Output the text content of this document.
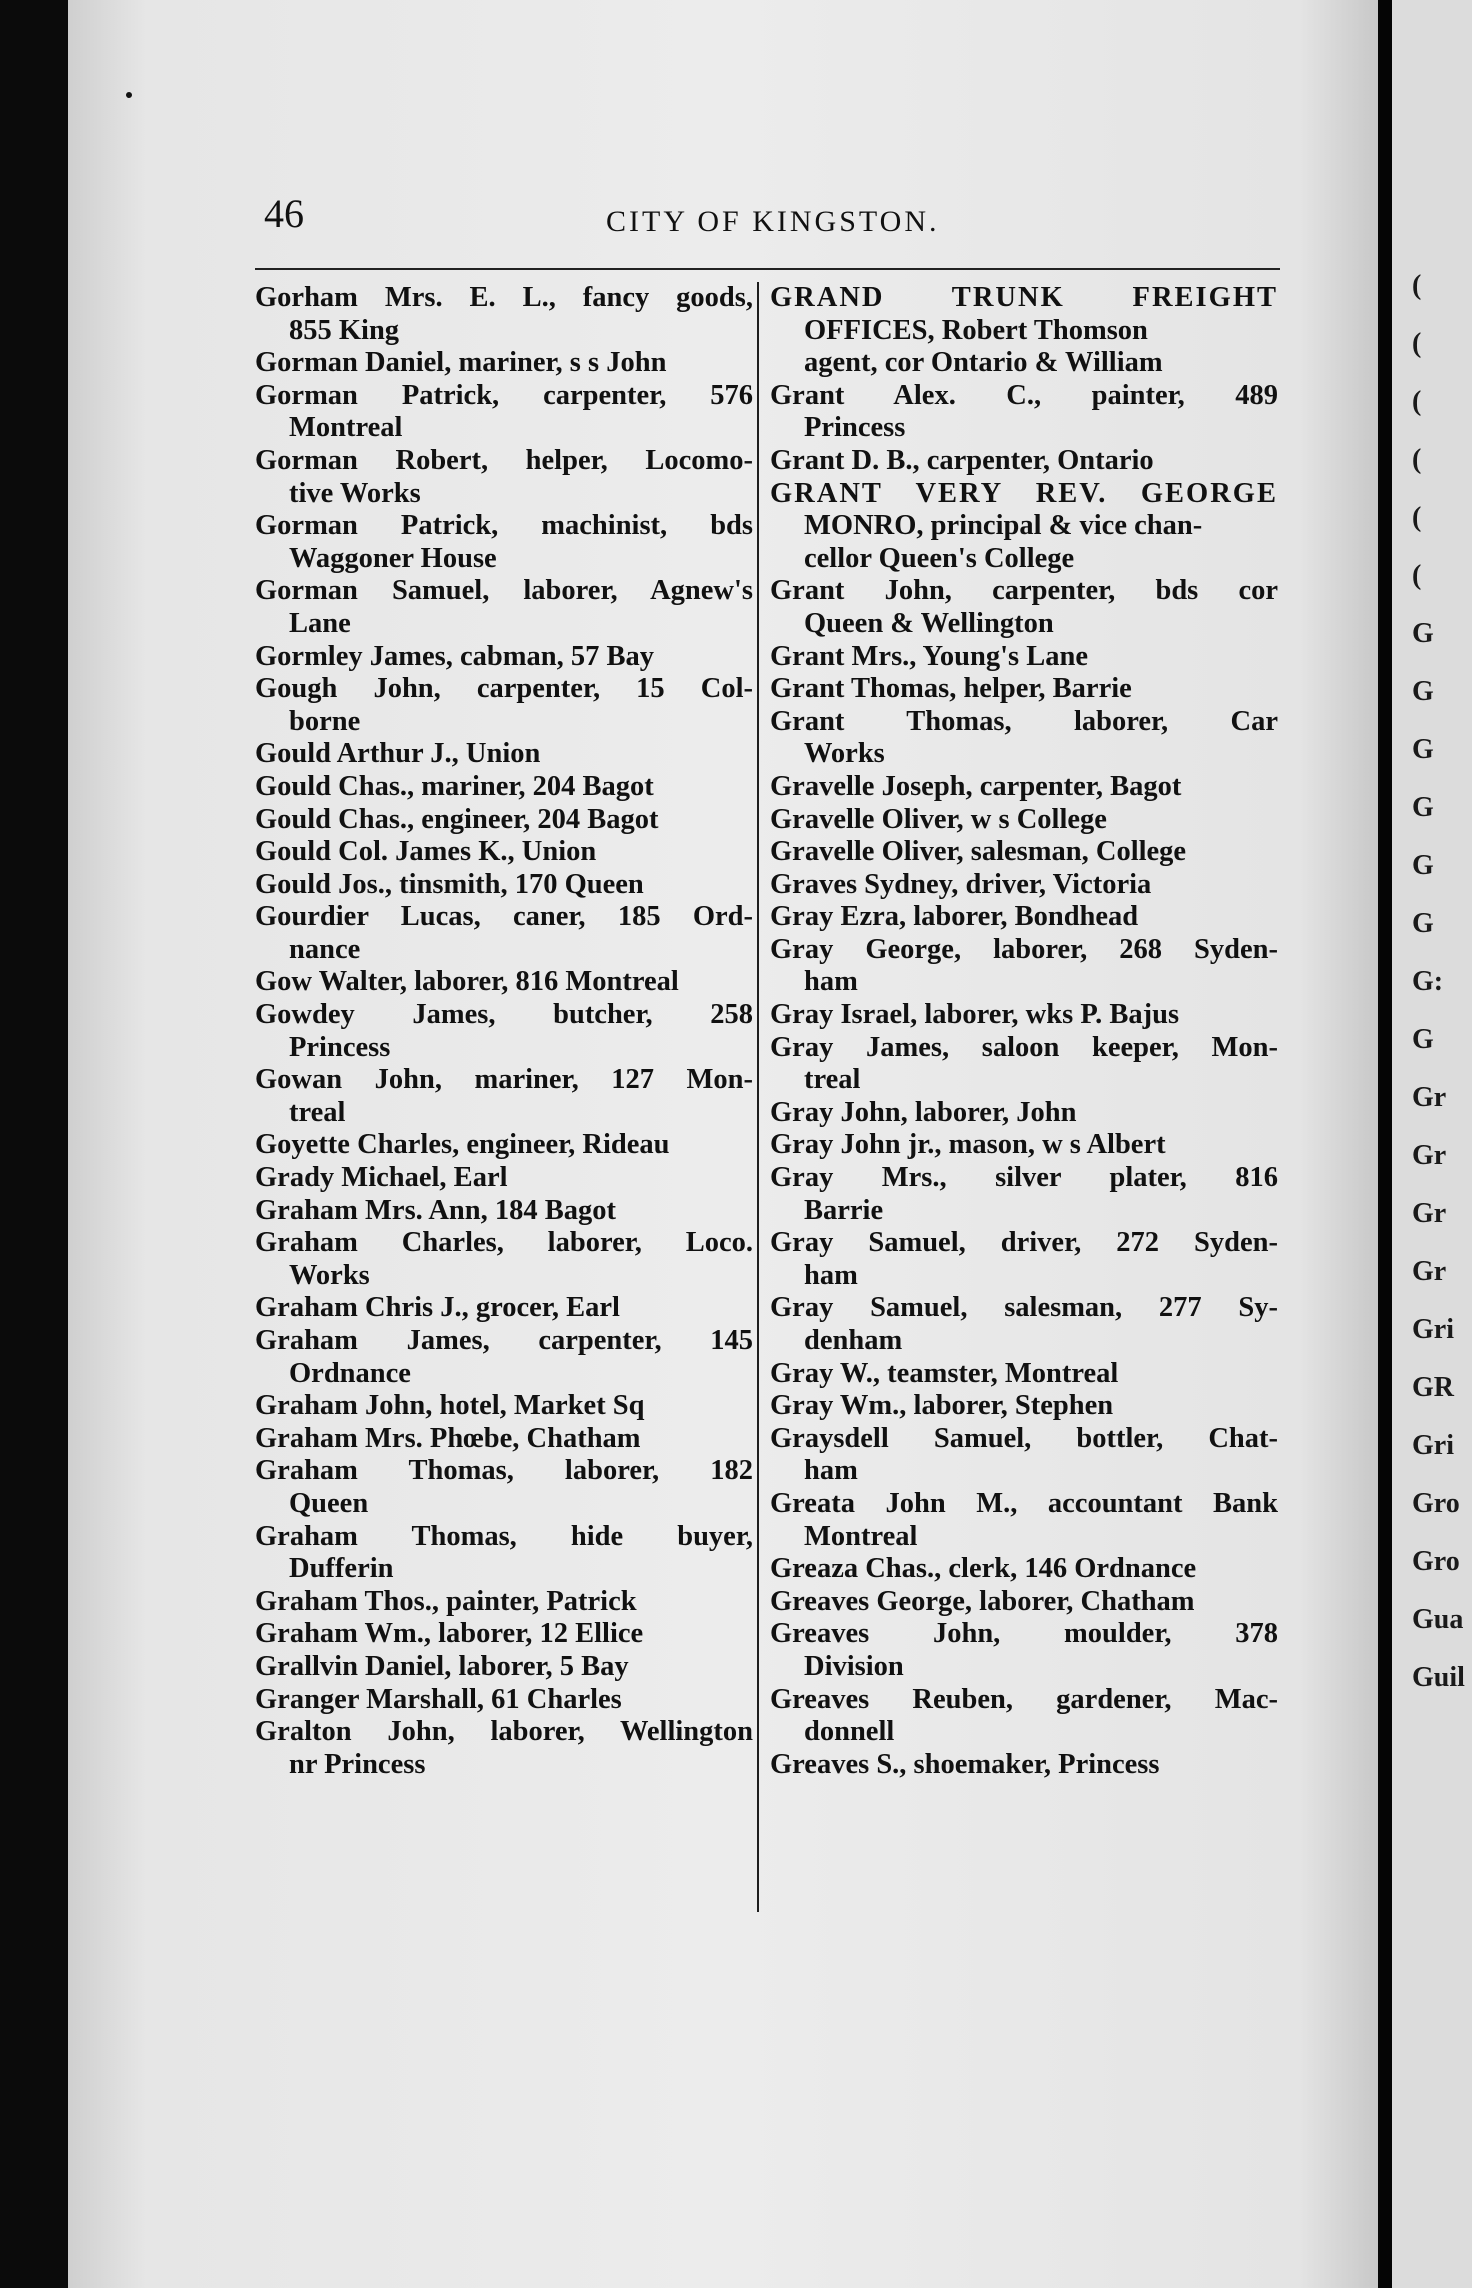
(
(
(
(
(
(
G
G
G
G
G
G
G:
G
Gr
Gr
Gr
Gr
Gri
GR
Gri
Gro
Gro
Gua
Guil
46	CITY OF KINGSTON.
Gorham Mrs. E. L., fancy goods,
855 King
Gorman Daniel, mariner, s s John
Gorman Patrick, carpenter, 576
Montreal
Gorman Robert, helper, Locomo-
tive Works
Gorman Patrick, machinist, bds
Waggoner House
Gorman Samuel, laborer, Agnew's
Lane
Gormley James, cabman, 57 Bay
Gough John, carpenter, 15 Col-
borne
Gould Arthur J., Union
Gould Chas., mariner, 204 Bagot
Gould Chas., engineer, 204 Bagot
Gould Col. James K., Union
Gould Jos., tinsmith, 170 Queen
Gourdier Lucas, caner, 185 Ord-
nance
Gow Walter, laborer, 816 Montreal
Gowdey James, butcher, 258
Princess
Gowan John, mariner, 127 Mon-
treal
Goyette Charles, engineer, Rideau
Grady Michael, Earl
Graham Mrs. Ann, 184 Bagot
Graham Charles, laborer, Loco.
Works
Graham Chris J., grocer, Earl
Graham James, carpenter, 145
Ordnance
Graham John, hotel, Market Sq
Graham Mrs. Phœbe, Chatham
Graham Thomas, laborer, 182
Queen
Graham Thomas, hide buyer,
Dufferin
Graham Thos., painter, Patrick
Graham Wm., laborer, 12 Ellice
Grallvin Daniel, laborer, 5 Bay
Granger Marshall, 61 Charles
Gralton John, laborer, Wellington
nr Princess
GRAND TRUNK FREIGHT
OFFICES, Robert Thomson
agent, cor Ontario & William
Grant Alex. C., painter, 489
Princess
Grant D. B., carpenter, Ontario
GRANT VERY REV. GEORGE
MONRO, principal & vice chan-
cellor Queen's College
Grant John, carpenter, bds cor
Queen & Wellington
Grant Mrs., Young's Lane
Grant Thomas, helper, Barrie
Grant Thomas, laborer, Car
Works
Gravelle Joseph, carpenter, Bagot
Gravelle Oliver, w s College
Gravelle Oliver, salesman, College
Graves Sydney, driver, Victoria
Gray Ezra, laborer, Bondhead
Gray George, laborer, 268 Syden-
ham
Gray Israel, laborer, wks P. Bajus
Gray James, saloon keeper, Mon-
treal
Gray John, laborer, John
Gray John jr., mason, w s Albert
Gray Mrs., silver plater, 816
Barrie
Gray Samuel, driver, 272 Syden-
ham
Gray Samuel, salesman, 277 Sy-
denham
Gray W., teamster, Montreal
Gray Wm., laborer, Stephen
Graysdell Samuel, bottler, Chat-
ham
Greata John M., accountant Bank
Montreal
Greaza Chas., clerk, 146 Ordnance
Greaves George, laborer, Chatham
Greaves John, moulder, 378
Division
Greaves Reuben, gardener, Mac-
donnell
Greaves S., shoemaker, Princess
